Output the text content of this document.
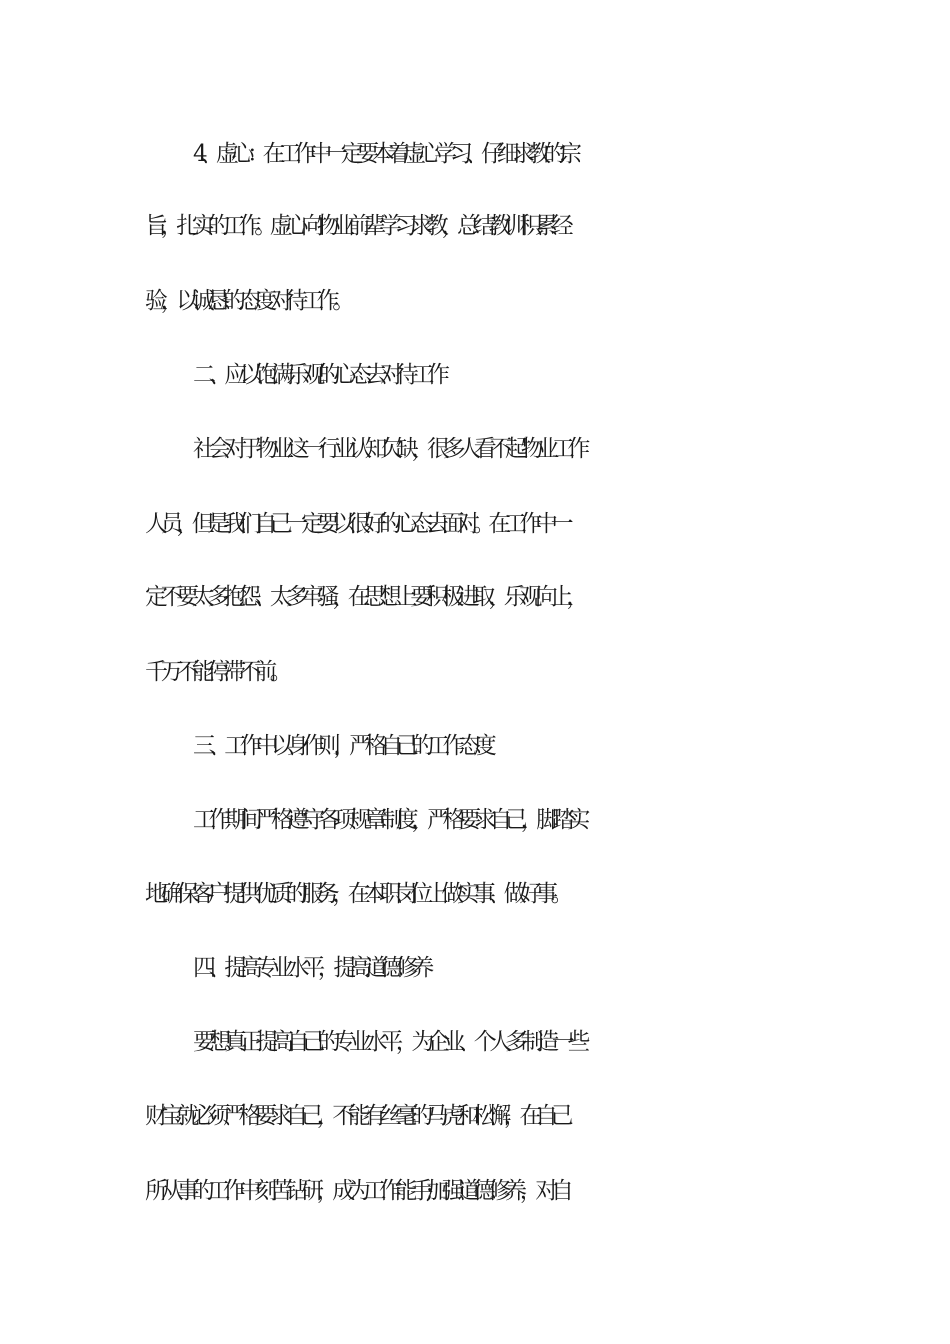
4、虚心：在工作中一定要本着虚心学习、仔细求教的.宗
旨，扎实的工作。虚心向物业前辈学习求教，总结教训积累经
验，以诚恳的态度对待工作。
二、应以饱满乐观的心态去对待工作
社会对于物业这一行业认知欠缺，很多人看不起物业工作
人员，但是我们自己一定要以很好的心态去面对。在工作中一
定不要太多抱怨、太多牢骚，在思想上要积极进取，乐观向上，
千万不能停滞不前。
三、工作中以身作则，严格自己的工作态度
工作期间严格遵守各项规章制度，严格要求自己，脚踏实
地确保客户提供优质的服务，在本职岗位上做实事、做好事。
四、提高专业水平，提高道德修养
要想真正提高自己的专业水平，为企业、个人多制造一些
财宝就必须严格要求自己，不能有丝毫的马虎和松懈，在自己
所从事的工作中刻苦钻研，成为工作能手;加强道德修养，对自
